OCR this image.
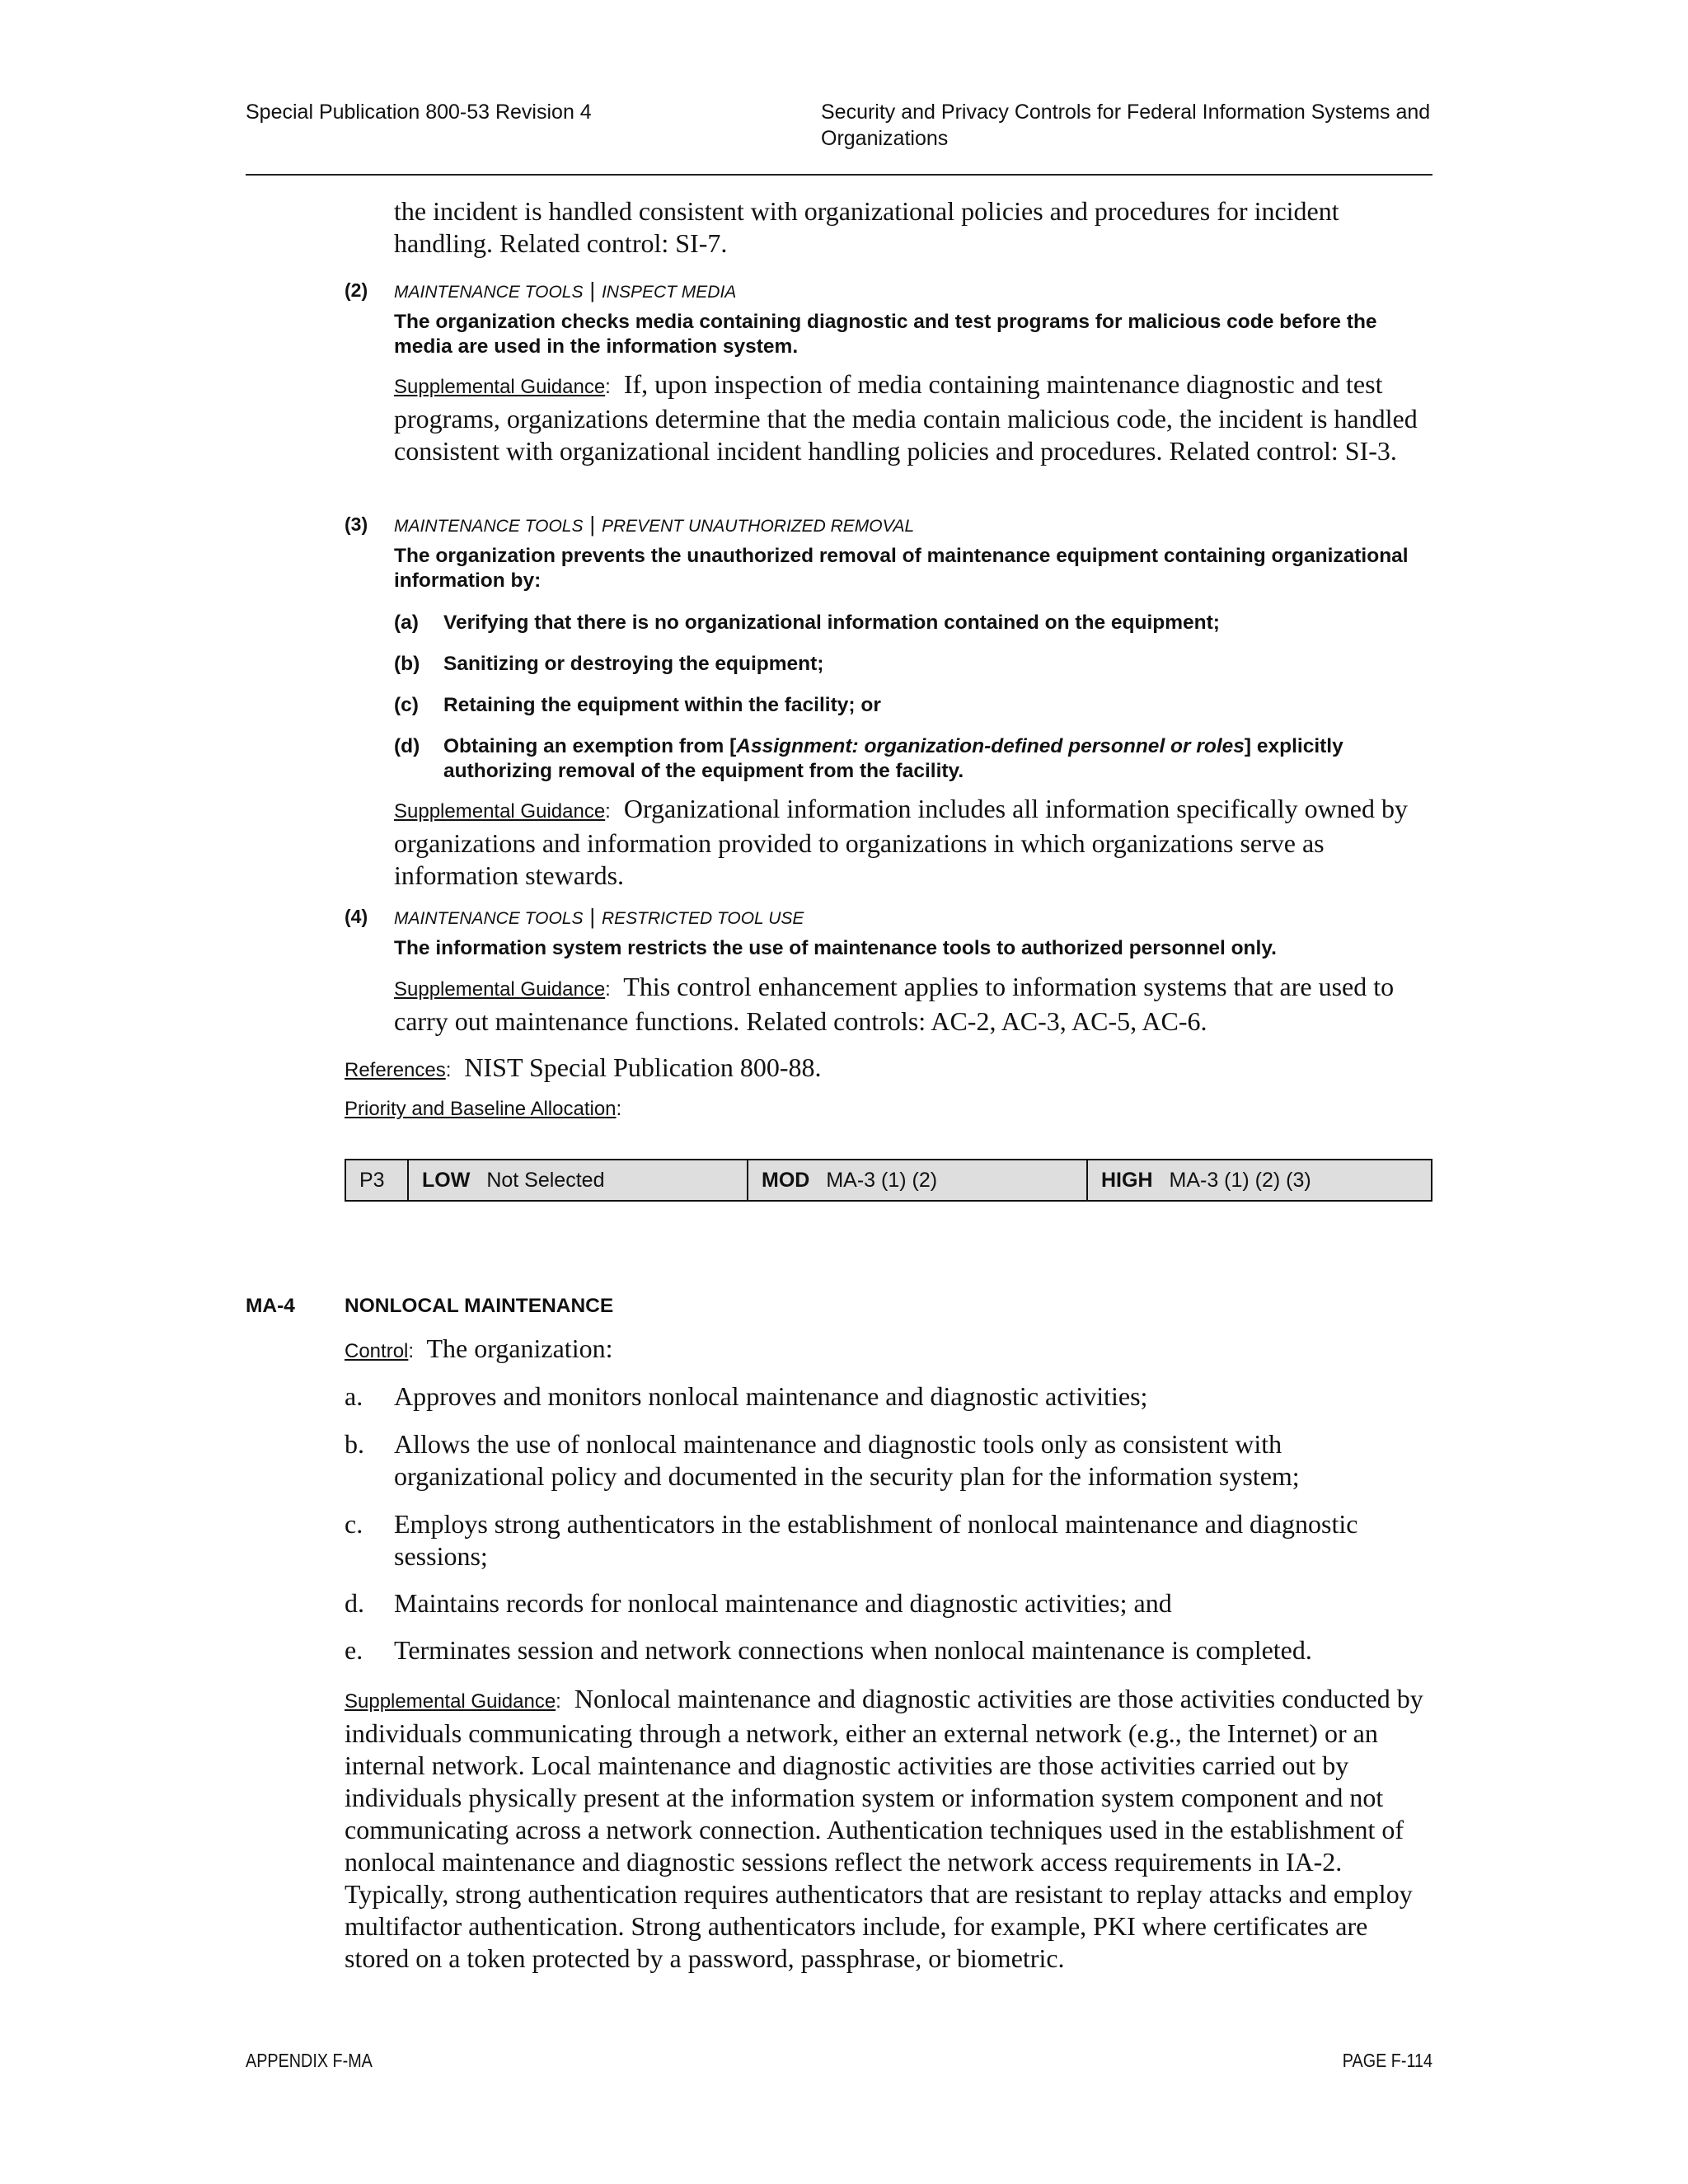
Special Publication 800-53 Revision 4	Security and Privacy Controls for Federal Information Systems and Organizations
the incident is handled consistent with organizational policies and procedures for incident handling. Related control: SI-7.
(2) MAINTENANCE TOOLS | INSPECT MEDIA
The organization checks media containing diagnostic and test programs for malicious code before the media are used in the information system.
Supplemental Guidance: If, upon inspection of media containing maintenance diagnostic and test programs, organizations determine that the media contain malicious code, the incident is handled consistent with organizational incident handling policies and procedures. Related control: SI-3.
(3) MAINTENANCE TOOLS | PREVENT UNAUTHORIZED REMOVAL
The organization prevents the unauthorized removal of maintenance equipment containing organizational information by:
(a) Verifying that there is no organizational information contained on the equipment;
(b) Sanitizing or destroying the equipment;
(c) Retaining the equipment within the facility; or
(d) Obtaining an exemption from [Assignment: organization-defined personnel or roles] explicitly authorizing removal of the equipment from the facility.
Supplemental Guidance: Organizational information includes all information specifically owned by organizations and information provided to organizations in which organizations serve as information stewards.
(4) MAINTENANCE TOOLS | RESTRICTED TOOL USE
The information system restricts the use of maintenance tools to authorized personnel only.
Supplemental Guidance: This control enhancement applies to information systems that are used to carry out maintenance functions. Related controls: AC-2, AC-3, AC-5, AC-6.
References: NIST Special Publication 800-88.
Priority and Baseline Allocation:
P3 LOW Not Selected	MOD MA-3 (1) (2)	HIGH MA-3 (1) (2) (3)
MA-4 NONLOCAL MAINTENANCE
Control: The organization:
a. Approves and monitors nonlocal maintenance and diagnostic activities;
b. Allows the use of nonlocal maintenance and diagnostic tools only as consistent with organizational policy and documented in the security plan for the information system;
c. Employs strong authenticators in the establishment of nonlocal maintenance and diagnostic sessions;
d. Maintains records for nonlocal maintenance and diagnostic activities; and
e. Terminates session and network connections when nonlocal maintenance is completed.
Supplemental Guidance: Nonlocal maintenance and diagnostic activities are those activities conducted by individuals communicating through a network, either an external network (e.g., the Internet) or an internal network. Local maintenance and diagnostic activities are those activities carried out by individuals physically present at the information system or information system component and not communicating across a network connection. Authentication techniques used in the establishment of nonlocal maintenance and diagnostic sessions reflect the network access requirements in IA-2. Typically, strong authentication requires authenticators that are resistant to replay attacks and employ multifactor authentication. Strong authenticators include, for example, PKI where certificates are stored on a token protected by a password, passphrase, or biometric.
APPENDIX F-MA	PAGE F-114
